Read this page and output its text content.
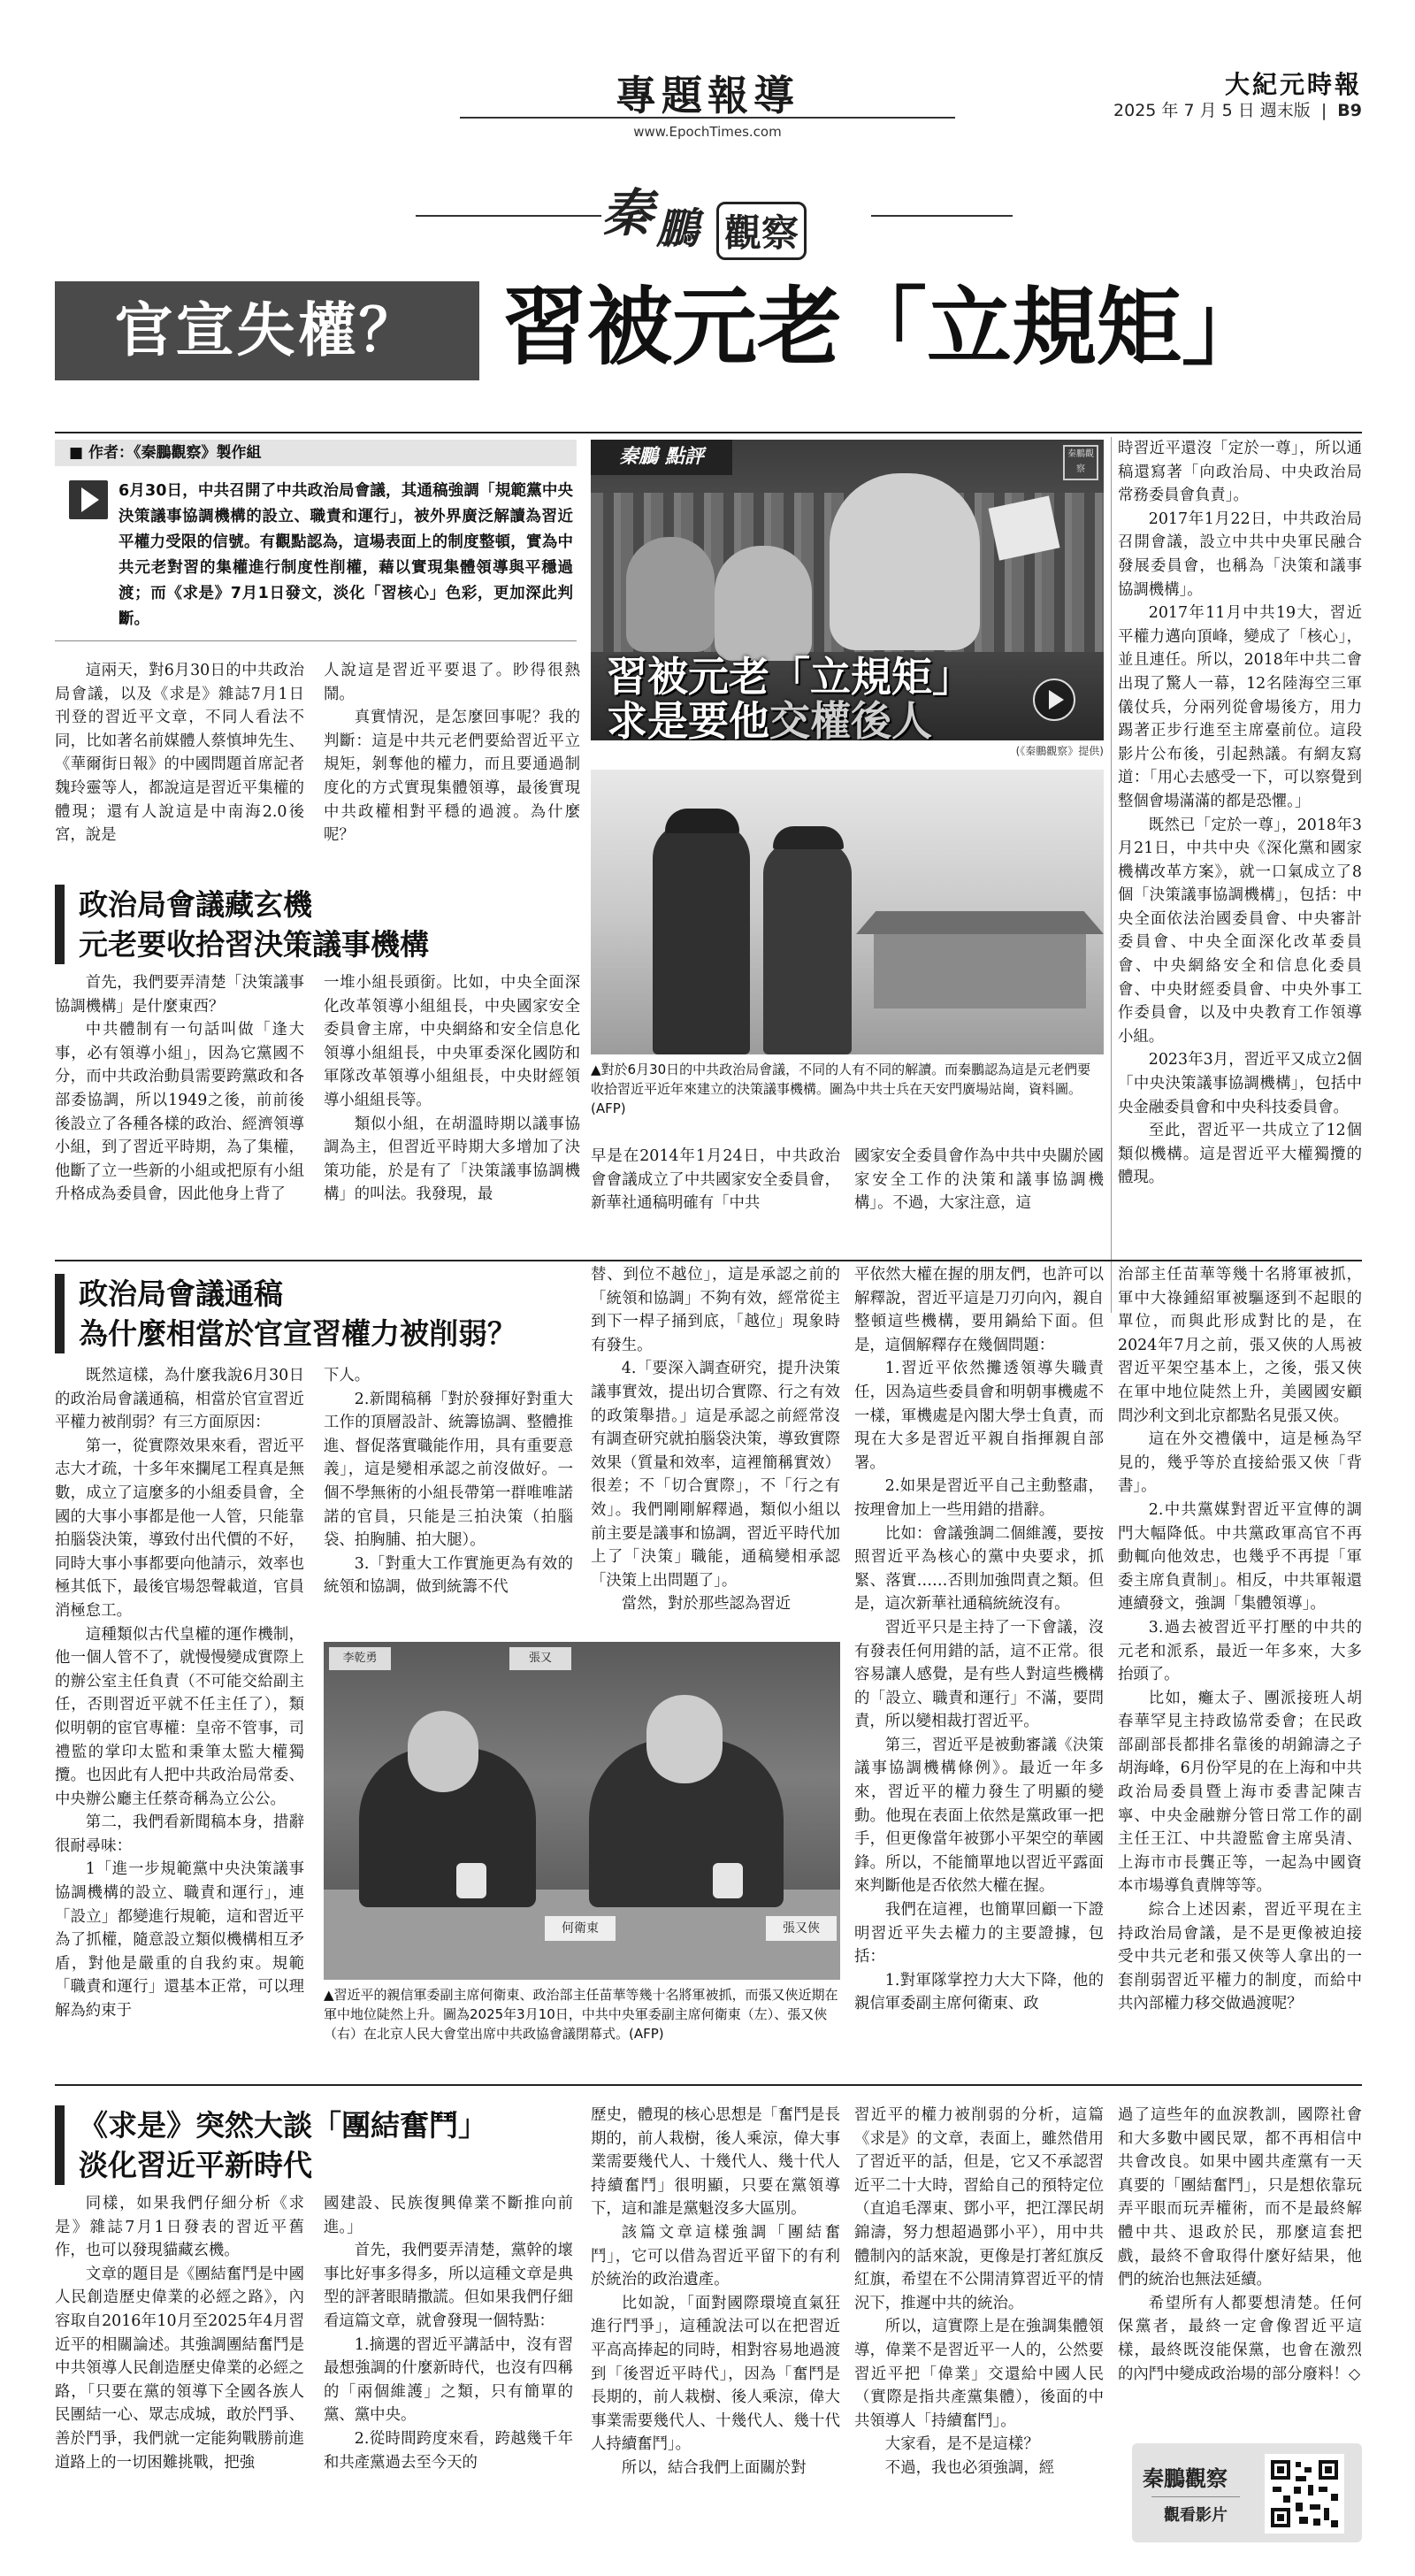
專題報導
www.EpochTimes.com
大紀元時報
2025 年 7 月 5 日 週末版 | B9
秦 鵬 觀察
官宣失權？ 習被元老「立規矩」
■ 作者：《秦鵬觀察》製作組
6月30日，中共召開了中共政治局會議，其通稿強調「規範黨中央決策議事協調機構的設立、職責和運行」，被外界廣泛解讀為習近平權力受限的信號。有觀點認為，這場表面上的制度整頓，實為中共元老對習的集權進行制度性削權，藉以實現集體領導與平穩過渡；而《求是》7月1日發文，淡化「習核心」色彩，更加深此判斷。

這兩天，對6月30日的中共政治局會議，以及《求是》雜誌7月1日刊登的習近平文章，不同人看法不同，比如著名前媒體人蔡慎坤先生、《華爾街日報》的中國問題首席記者魏玲靈等人，都說這是習近平集權的體現；還有人說這是中南海2.0後宮，說是

人說這是習近平要退了。眇得很熱鬧。

真實情況，是怎麼回事呢？我的判斷：這是中共元老們要給習近平立規矩，剝奪他的權力，而且要通過制度化的方式實現集體領導，最後實現中共政權相對平穩的過渡。為什麼呢？

秦鵬 點評	秦鵬觀察
習被元老「立規矩」
求是要他交權後人
(《秦鵬觀察》提供)

時習近平還沒「定於一尊」，所以通稿還寫著「向政治局、中央政治局常務委員會負責」。

2017年1月22日，中共政治局召開會議，設立中共中央軍民融合發展委員會，也稱為「決策和議事協調機構」。

2017年11月中共19大，習近平權力邁向頂峰，變成了「核心」，並且連任。所以，2018年中共二會出現了驚人一幕，12名陸海空三軍儀仗兵，分兩列從會場後方，用力踢著正步行進至主席臺前位。這段影片公布後，引起熱議。有網友寫道：「用心去感受一下，可以察覺到整個會場滿滿的都是恐懼。」

既然已「定於一尊」，2018年3月21日，中共中央《深化黨和國家機構改革方案》，就一口氣成立了8個「決策議事協調機構」，包括：中央全面依法治國委員會、中央審計委員會、中央全面深化改革委員會、中央網絡安全和信息化委員會、中央財經委員會、中央外事工作委員會，以及中央教育工作領導小組。

2023年3月，習近平又成立2個「中央決策議事協調機構」，包括中央金融委員會和中央科技委員會。

至此，習近平一共成立了12個類似機構。這是習近平大權獨攬的體現。

政治局會議藏玄機
元老要收拾習決策議事機構

首先，我們要弄清楚「決策議事協調機構」是什麼東西？

中共體制有一句話叫做「逢大事，必有領導小組」，因為它黨國不分，而中共政治動員需要跨黨政和各部委協調，所以1949之後，前前後後設立了各種各樣的政治、經濟領導小組，到了習近平時期，為了集權，他斷了立一些新的小組或把原有小組升格成為委員會，因此他身上背了

一堆小組長頭銜。比如，中央全面深化改革領導小組組長，中央國家安全委員會主席，中央網絡和安全信息化領導小組組長，中央軍委深化國防和軍隊改革領導小組組長，中央財經領導小組組長等。

類似小組，在胡溫時期以議事協調為主，但習近平時期大多增加了決策功能，於是有了「決策議事協調機構」的叫法。我發現，最

▲對於6月30日的中共政治局會議，不同的人有不同的解讀。而秦鵬認為這是元老們要收拾習近平近年來建立的決策議事機構。圖為中共士兵在天安門廣場站崗，資料圖。(AFP)

早是在2014年1月24日，中共政治會會議成立了中共國家安全委員會，新華社通稿明確有「中共

國家安全委員會作為中共中央關於國家安全工作的決策和議事協調機構」。不過，大家注意，這

政治局會議通稿
為什麼相當於官宣習權力被削弱？

既然這樣，為什麼我說6月30日的政治局會議通稿，相當於官宣習近平權力被削弱？有三方面原因：

第一，從實際效果來看，習近平志大才疏，十多年來攔尾工程真是無數，成立了這麼多的小組委員會，全國的大事小事都是他一人管，只能靠拍腦袋決策，導致付出代價的不好，同時大事小事都要向他請示，效率也極其低下，最後官場怨聲載道，官員消極怠工。

這種類似古代皇權的運作機制，他一個人管不了，就慢慢變成實際上的辦公室主任負責（不可能交給副主任，否則習近平就不任主任了），類似明朝的宦官專權：皇帝不管事，司禮監的掌印太監和秉筆太監大權獨攬。也因此有人把中共政治局常委、中央辦公廳主任蔡奇稱為立公公。

第二，我們看新聞稿本身，措辭很耐尋味：

1「進一步規範黨中央決策議事協調機構的設立、職責和運行」，連「設立」都變進行規範，這和習近平為了抓權，隨意設立類似機構相互矛盾，對他是嚴重的自我約束。規範「職責和運行」還基本正常，可以理解為約束于

下人。

2.新聞稿稱「對於發揮好對重大工作的頂層設計、統籌協調、整體推進、督促落實職能作用，具有重要意義」，這是變相承認之前沒做好。一個不學無術的小組長帶第一群唯唯諾諾的官員，只能是三拍決策（拍腦袋、拍胸脯、拍大腿）。

3.「對重大工作實施更為有效的統領和協調，做到統籌不代

替、到位不越位」，這是承認之前的「統領和協調」不夠有效，經常從主到下一桿子捅到底，「越位」現象時有發生。

4.「要深入調查研究，提升決策議事實效，提出切合實際、行之有效的政策舉措。」這是承認之前經常沒有調查研究就拍腦袋決策，導致實際效果（質量和效率，這裡簡稱實效）很差；不「切合實際」，不「行之有效」。我們剛剛解釋過，類似小組以前主要是議事和協調，習近平時代加上了「決策」職能，通稿變相承認「決策上出問題了」。

當然，對於那些認為習近

平依然大權在握的朋友們，也許可以解釋說，習近平這是刀刃向內，親自整頓這些機構，要用鍋給下面。但是，這個解釋存在幾個問題：

1.習近平依然攤透領導失職責任，因為這些委員會和明朝事機處不一樣，軍機處是內閣大學士負責，而現在大多是習近平親自指揮親自部署。

2.如果是習近平自己主動整肅，按理會加上一些用錯的措辭。

比如：會議強調二個維護，要按照習近平為核心的黨中央要求，抓緊、落實……否則加強問責之類。但是，這次新華社通稿統統沒有。

習近平只是主持了一下會議，沒有發表任何用錯的話，這不正常。很容易讓人感覺，是有些人對這些機構的「設立、職責和運行」不滿，要問責，所以變相裁打習近平。

第三，習近平是被動審議《決策議事協調機構條例》。最近一年多來，習近平的權力發生了明顯的變動。他現在表面上依然是黨政軍一把手，但更像當年被鄧小平架空的華國鋒。所以，不能簡單地以習近平露面來判斷他是否依然大權在握。

我們在這裡，也簡單回顧一下證明習近平失去權力的主要證據，包括：

1.對軍隊掌控力大大下降，他的親信軍委副主席何衛東、政

治部主任苗華等幾十名將軍被抓，軍中大祿鍾紹軍被驅逐到不起眼的單位，而與此形成對比的是，在2024年7月之前，張又俠的人馬被習近平架空基本上，之後，張又俠在軍中地位陡然上升，美國國安顧問沙利文到北京都點名見張又俠。

這在外交禮儀中，這是極為罕見的，幾乎等於直接給張又俠「背書」。

2.中共黨媒對習近平宣傳的調門大幅降低。中共黨政軍高官不再動輒向他效忠，也幾乎不再提「軍委主席負責制」。相反，中共軍報還連續發文，強調「集體領導」。

3.過去被習近平打壓的中共的元老和派系，最近一年多來，大多抬頭了。

比如，癱太子、團派接班人胡春華罕見主持政協常委會；在民政部副部長都排名靠後的胡錦濤之子胡海峰，6月份罕見的在上海和中共政治局委員暨上海市委書記陳吉寧、中央金融辦分管日常工作的副主任王江、中共證監會主席吳清、上海市市長龔正等，一起為中國資本市場導負責牌等等。

綜合上述因素，習近平現在主持政治局會議，是不是更像被迫接受中共元老和張又俠等人拿出的一套削弱習近平權力的制度，而給中共內部權力移交做過渡呢？

李乾勇	張又
何衛東	張又俠
▲習近平的親信軍委副主席何衛東、政治部主任苗華等幾十名將軍被抓，而張又俠近期在軍中地位陡然上升。圖為2025年3月10日，中共中央軍委副主席何衛東（左）、張又俠（右）在北京人民大會堂出席中共政協會議閉幕式。(AFP)
《求是》突然大談「團結奮鬥」
淡化習近平新時代

同樣，如果我們仔細分析《求是》雜誌7月1日發表的習近平舊作，也可以發現貓藏玄機。

文章的題目是《團結奮鬥是中國人民創造歷史偉業的必經之路》，內容取自2016年10月至2025年4月習近平的相關論述。其強調團結奮鬥是中共領導人民創造歷史偉業的必經之路，「只要在黨的領導下全國各族人民團結一心、眾志成城，敢於鬥爭、善於鬥爭，我們就一定能夠戰勝前進道路上的一切困難挑戰，把強

國建設、民族復興偉業不斷推向前進。」

首先，我們要弄清楚，黨幹的壞事比好事多得多，所以這種文章是典型的評著眼睛撒謊。但如果我們仔細看這篇文章，就會發現一個特點：

1.摘選的習近平講話中，沒有習最想強調的什麼新時代，也沒有四稱的「兩個維護」之類，只有簡單的黨、黨中央。

2.從時間跨度來看，跨越幾千年和共產黨過去至今天的

歷史，體現的核心思想是「奮鬥是長期的，前人栽樹，後人乘涼，偉大事業需要幾代人、十幾代人、幾十代人持續奮鬥」很明顯，只要在黨領導下，這和誰是黨魁沒多大區別。

該篇文章這樣強調「團結奮鬥」，它可以借為習近平留下的有利於統治的政治遺產。

比如說，「面對國際環境直氣狂進行鬥爭」，這種說法可以在把習近平高高捧起的同時，相對容易地過渡到「後習近平時代」，因為「奮鬥是長期的，前人栽樹、後人乘涼，偉大事業需要幾代人、十幾代人、幾十代人持續奮鬥」。

所以，結合我們上面關於對

習近平的權力被削弱的分析，這篇《求是》的文章，表面上，雖然借用了習近平的話，但是，它又不承認習近平二十大時，習給自己的預特定位（直追毛澤東、鄧小平，把江澤民胡錦濤，努力想超過鄧小平），用中共體制內的話來說，更像是打著紅旗反紅旗，希望在不公開清算習近平的情況下，推遲中共的統治。

所以，這實際上是在強調集體領導，偉業不是習近平一人的，公然要習近平把「偉業」交還給中國人民（實際是指共產黨集體），後面的中共領導人「持續奮鬥」。

大家看，是不是這樣？

不過，我也必須強調，經

過了這些年的血淚教訓，國際社會和大多數中國民眾，都不再相信中共會改良。如果中國共產黨有一天真要的「團結奮鬥」，只是想依靠玩弄平眼而玩弄權術，而不是最終解體中共、退政於民，那麼這套把戲，最終不會取得什麼好結果，他們的統治也無法延續。

希望所有人都要想清楚。任何保黨者，最終一定會像習近平這樣，最終既沒能保黨，也會在激烈的內鬥中變成政治場的部分廢料！◇

秦鵬觀察
觀看影片
